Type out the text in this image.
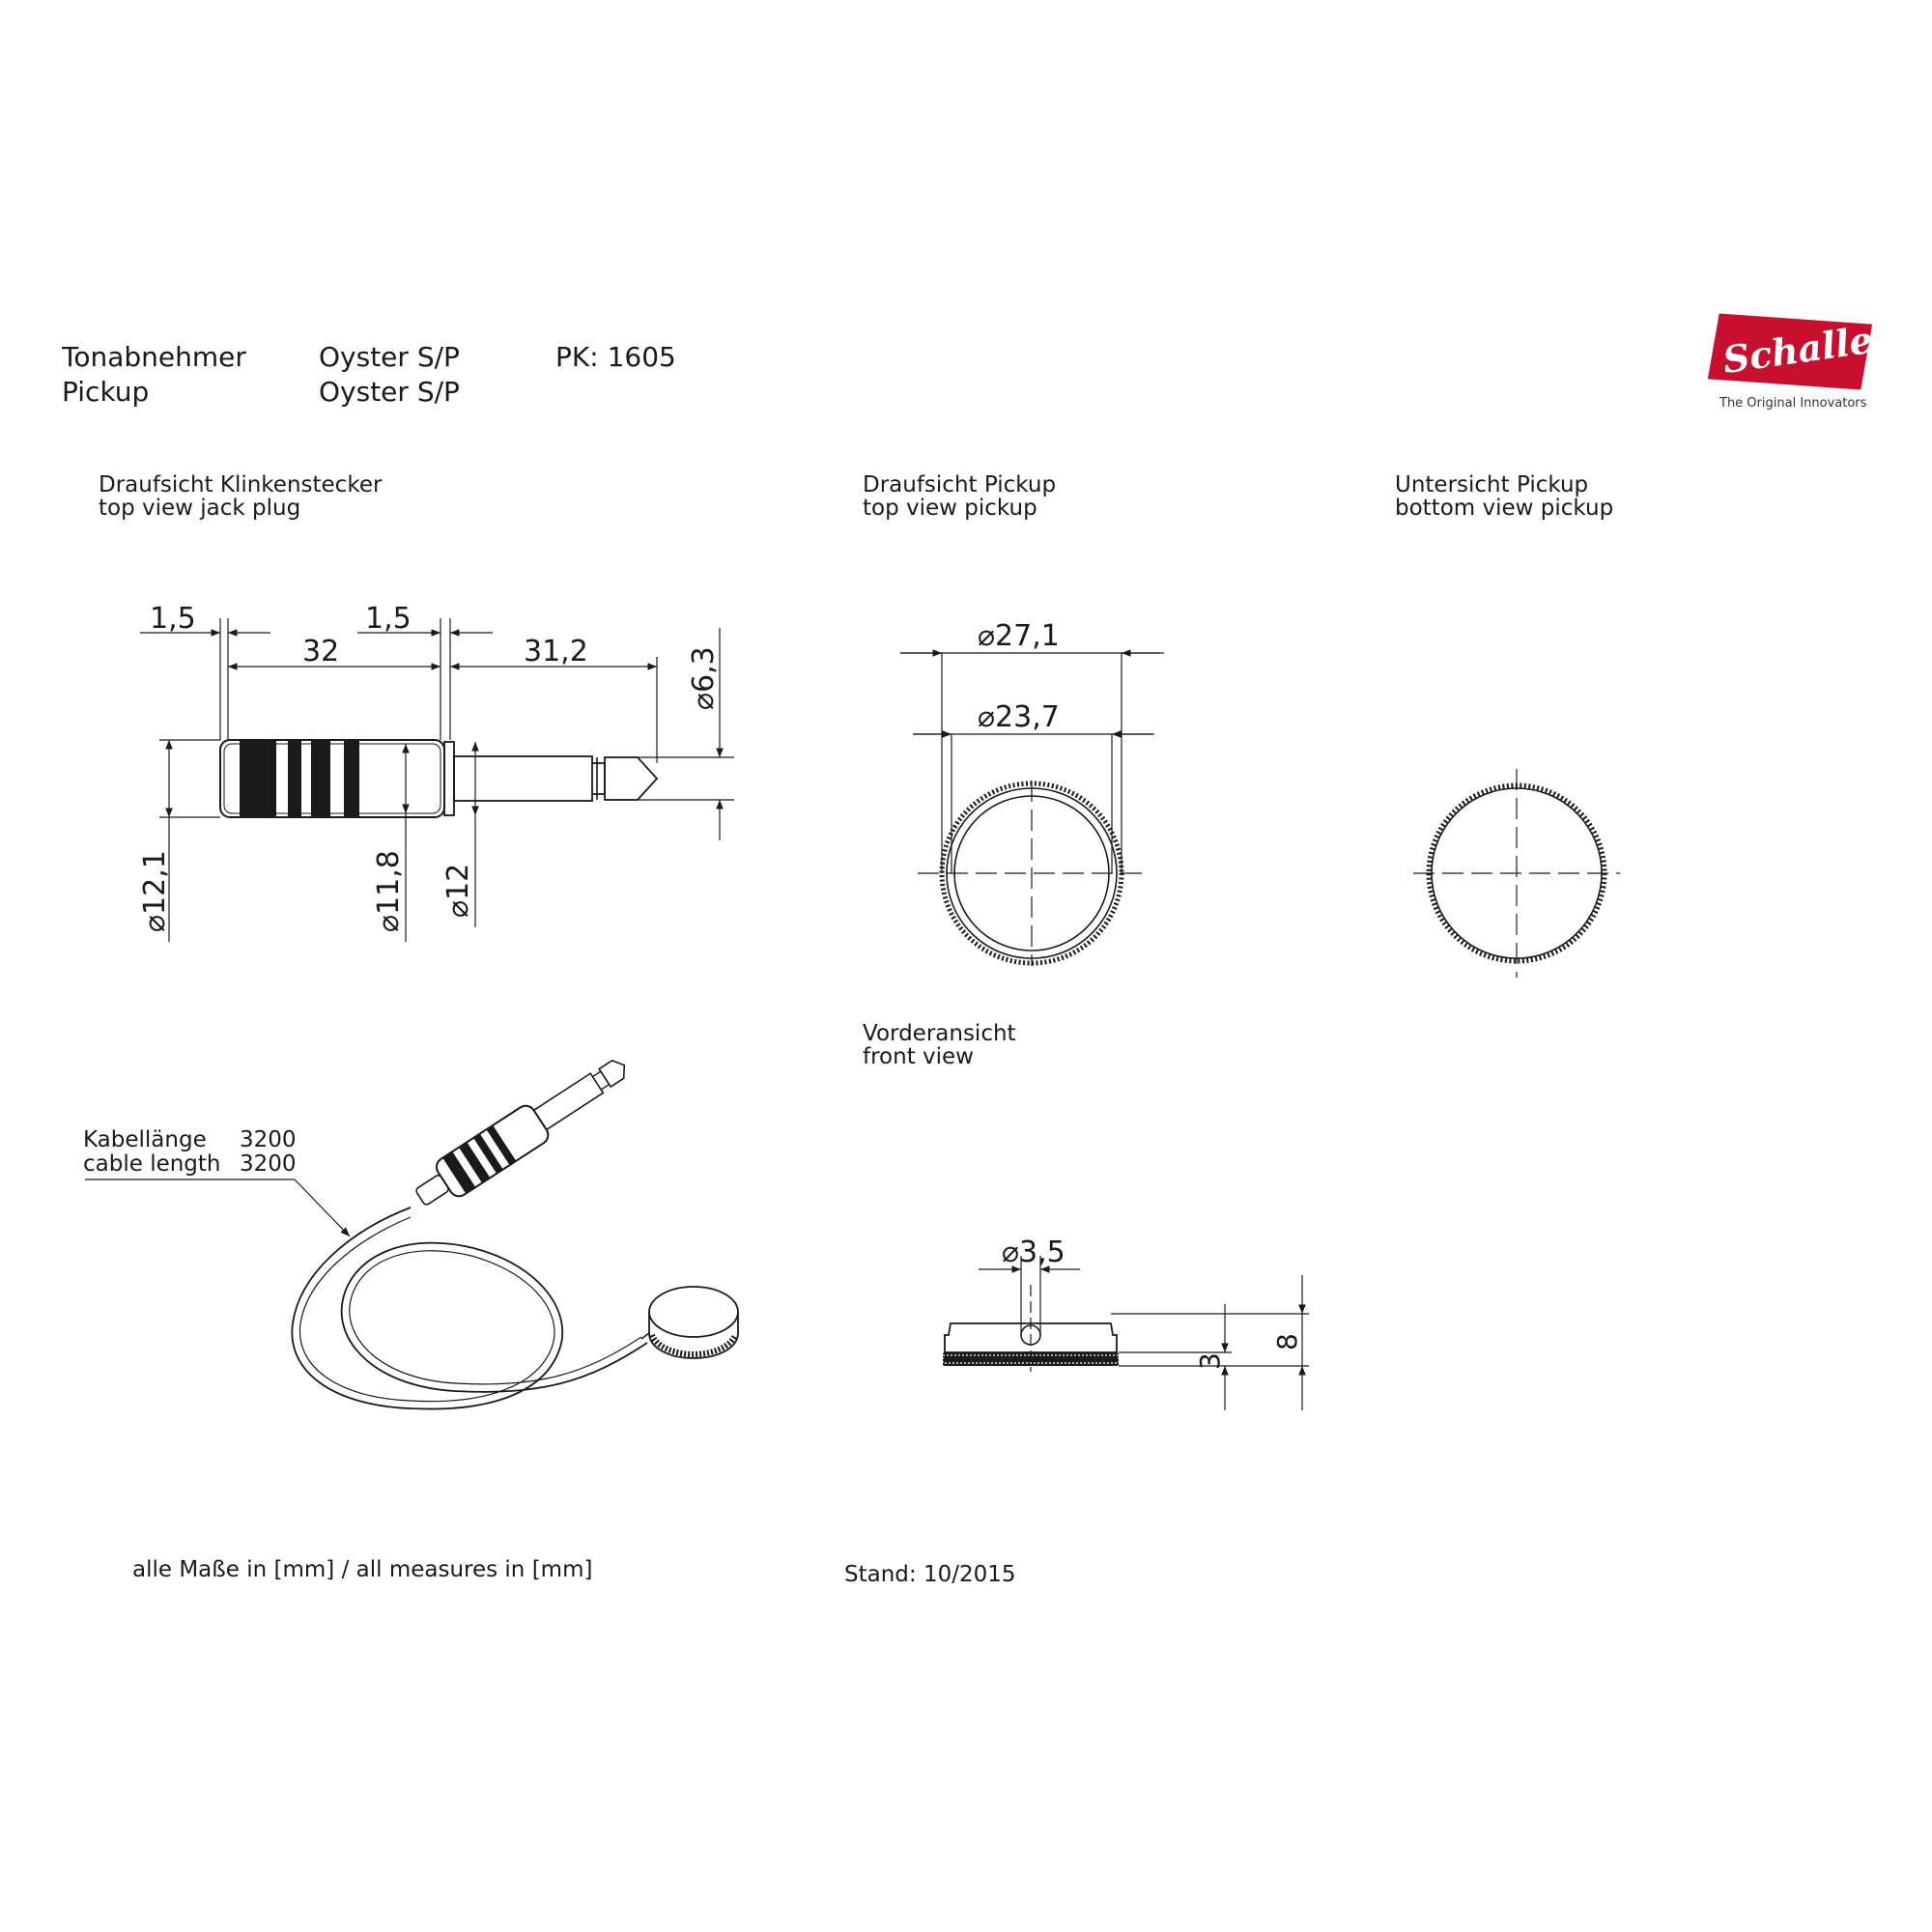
Tonabnehmer
Pickup
Oyster S/P
Oyster S/P
PK: 1605	Schaller
The Original Innovators
Draufsicht Klinkenstecker
top view jack plug
Draufsicht Pickup
top view pickup
Untersicht Pickup
bottom view pickup
Vorderansicht
front view
Kabellänge 3200
cable length 3200
alle Maße in [mm] / all measures in [mm]	Stand: 10/2015
1,5
32
1,5
31,2	⌀6,3
⌀12,1	⌀11,8 ⌀12
⌀27,1
⌀23,7
⌀3,5
3
8
